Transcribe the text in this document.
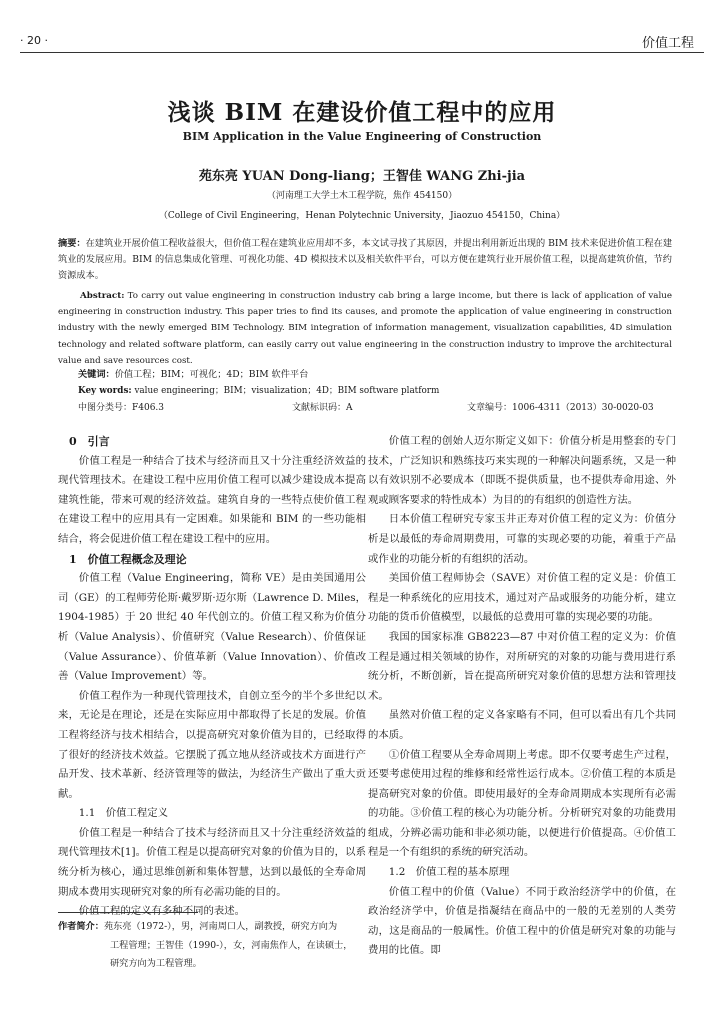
· 20 ·	价值工程
浅谈 BIM 在建设价值工程中的应用
BIM Application in the Value Engineering of Construction
苑东亮 YUAN Dong-liang；王智佳 WANG Zhi-jia
（河南理工大学土木工程学院，焦作 454150）
（College of Civil Engineering，Henan Polytechnic University，Jiaozuo 454150，China）
摘要：在建筑业开展价值工程收益很大，但价值工程在建筑业应用却不多，本文试寻找了其原因，并提出利用新近出现的 BIM 技术来促进价值工程在建筑业的发展应用。BIM 的信息集成化管理、可视化功能、4D 模拟技术以及相关软件平台，可以方便在建筑行业开展价值工程，以提高建筑价值，节约资源成本。
Abstract: To carry out value engineering in construction industry cab bring a large income, but there is lack of application of value engineering in construction industry. This paper tries to find its causes, and promote the application of value engineering in construction industry with the newly emerged BIM Technology. BIM integration of information management, visualization capabilities, 4D simulation technology and related software platform, can easily carry out value engineering in the construction industry to improve the architectural value and save resources cost.
关键词：价值工程；BIM；可视化；4D；BIM 软件平台
Key words: value engineering；BIM；visualization；4D；BIM software platform
中图分类号：F406.3	文献标识码：A	文章编号：1006-4311（2013）30-0020-03
0　引言

价值工程是一种结合了技术与经济而且又十分注重经济效益的现代管理技术。在建设工程中应用价值工程可以减少建设成本提高建筑性能，带来可观的经济效益。建筑自身的一些特点使价值工程在建设工程中的应用具有一定困难。如果能和 BIM 的一些功能相结合，将会促进价值工程在建设工程中的应用。

1　价值工程概念及理论

价值工程（Value Engineering，简称 VE）是由美国通用公司（GE）的工程师劳伦斯·戴罗斯·迈尔斯（Lawrence D. Miles，1904-1985）于 20 世纪 40 年代创立的。价值工程又称为价值分析（Value Analysis）、价值研究（Value Research）、价值保证（Value Assurance）、价值革新（Value Innovation）、价值改善（Value Improvement）等。

价值工程作为一种现代管理技术，自创立至今的半个多世纪以来，无论是在理论，还是在实际应用中都取得了长足的发展。价值工程将经济与技术相结合，以提高研究对象价值为目的，已经取得了很好的经济技术效益。它摆脱了孤立地从经济或技术方面进行产品开发、技术革新、经济管理等的做法，为经济生产做出了重大贡献。

1.1　价值工程定义

价值工程是一种结合了技术与经济而且又十分注重经济效益的现代管理技术[1]。价值工程是以提高研究对象的价值为目的，以系统分析为核心，通过思维创新和集体智慧，达到以最低的全寿命周期成本费用实现研究对象的所有必需功能的目的。

价值工程的定义有多种不同的表述。

价值工程的创始人迈尔斯定义如下：价值分析是用整套的专门技术，广泛知识和熟练技巧来实现的一种解决问题系统，又是一种以有效识别不必要成本（即既不提供质量，也不提供寿命用途、外观或顾客要求的特性成本）为目的的有组织的创造性方法。

日本价值工程研究专家玉井正寿对价值工程的定义为：价值分析是以最低的寿命周期费用，可靠的实现必要的功能，着重于产品或作业的功能分析的有组织的活动。

美国价值工程师协会（SAVE）对价值工程的定义是：价值工程是一种系统化的应用技术，通过对产品或服务的功能分析，建立功能的货币价值模型，以最低的总费用可靠的实现必要的功能。

我国的国家标准 GB8223—87 中对价值工程的定义为：价值工程是通过相关领域的协作，对所研究的对象的功能与费用进行系统分析，不断创新，旨在提高所研究对象价值的思想方法和管理技术。

虽然对价值工程的定义各家略有不同，但可以看出有几个共同的本质。

①价值工程要从全寿命周期上考虑。即不仅要考虑生产过程，还要考虑使用过程的维修和经常性运行成本。②价值工程的本质是提高研究对象的价值。即使用最好的全寿命周期成本实现所有必需的功能。③价值工程的核心为功能分析。分析研究对象的功能费用组成，分辨必需功能和非必须功能，以便进行价值提高。④价值工程是一个有组织的系统的研究活动。

1.2　价值工程的基本原理

价值工程中的价值（Value）不同于政治经济学中的价值，在政治经济学中，价值是指凝结在商品中的一般的无差别的人类劳动，这是商品的一般属性。价值工程中的价值是研究对象的功能与费用的比值。即

作者简介：苑东亮（1972-），男，河南周口人，副教授，研究方向为
工程管理；王智佳（1990-），女，河南焦作人，在读硕士，
研究方向为工程管理。
